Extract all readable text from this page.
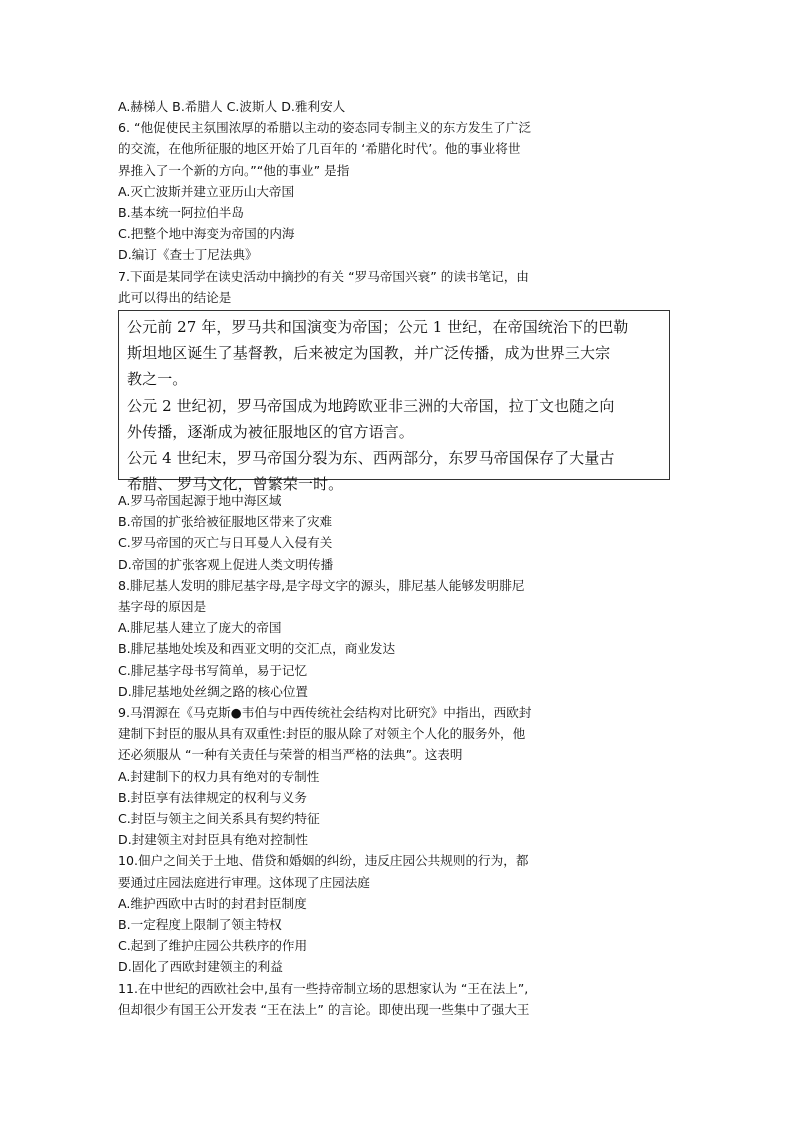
A.赫梯人 B.希腊人 C.波斯人 D.雅利安人
6. “他促使民主氛围浓厚的希腊以主动的姿态同专制主义的东方发生了广泛
的交流，在他所征服的地区开始了几百年的 ‘希腊化时代’。他的事业将世
界推入了一个新的方向。”“他的事业” 是指
A.灭亡波斯并建立亚历山大帝国
B.基本统一阿拉伯半岛
C.把整个地中海变为帝国的内海
D.编订《查士丁尼法典》
7.下面是某同学在读史活动中摘抄的有关 “罗马帝国兴衰” 的读书笔记，由
此可以得出的结论是
公元前 27 年，罗马共和国演变为帝国；公元 1 世纪，在帝国统治下的巴勒
斯坦地区诞生了基督教，后来被定为国教，并广泛传播，成为世界三大宗
教之一。
公元 2 世纪初，罗马帝国成为地跨欧亚非三洲的大帝国，拉丁文也随之向
外传播，逐渐成为被征服地区的官方语言。
公元 4 世纪末，罗马帝国分裂为东、西两部分，东罗马帝国保存了大量古
希腊、 罗马文化，曾繁荣一时。
A.罗马帝国起源于地中海区域
B.帝国的扩张给被征服地区带来了灾难
C.罗马帝国的灭亡与日耳曼人入侵有关
D.帝国的扩张客观上促进人类文明传播
8.腓尼基人发明的腓尼基字母,是字母文字的源头，腓尼基人能够发明腓尼
基字母的原因是
A.腓尼基人建立了庞大的帝国
B.腓尼基地处埃及和西亚文明的交汇点，商业发达
C.腓尼基字母书写简单，易于记忆
D.腓尼基地处丝绸之路的核心位置
9.马渭源在《马克斯●韦伯与中西传统社会结构对比研究》中指出，西欧封
建制下封臣的服从具有双重性:封臣的服从除了对领主个人化的服务外，他
还必须服从 “一种有关责任与荣誉的相当严格的法典”。这表明
A.封建制下的权力具有绝对的专制性
B.封臣享有法律规定的权利与义务
C.封臣与领主之间关系具有契约特征
D.封建领主对封臣具有绝对控制性
10.佃户之间关于土地、借贷和婚姻的纠纷，违反庄园公共规则的行为，都
要通过庄园法庭进行审理。这体现了庄园法庭
A.维护西欧中古时的封君封臣制度
B.一定程度上限制了领主特权
C.起到了维护庄园公共秩序的作用
D.固化了西欧封建领主的利益
11.在中世纪的西欧社会中,虽有一些持帝制立场的思想家认为 “王在法上”,
但却很少有国王公开发表 “王在法上” 的言论。即使出现一些集中了强大王
